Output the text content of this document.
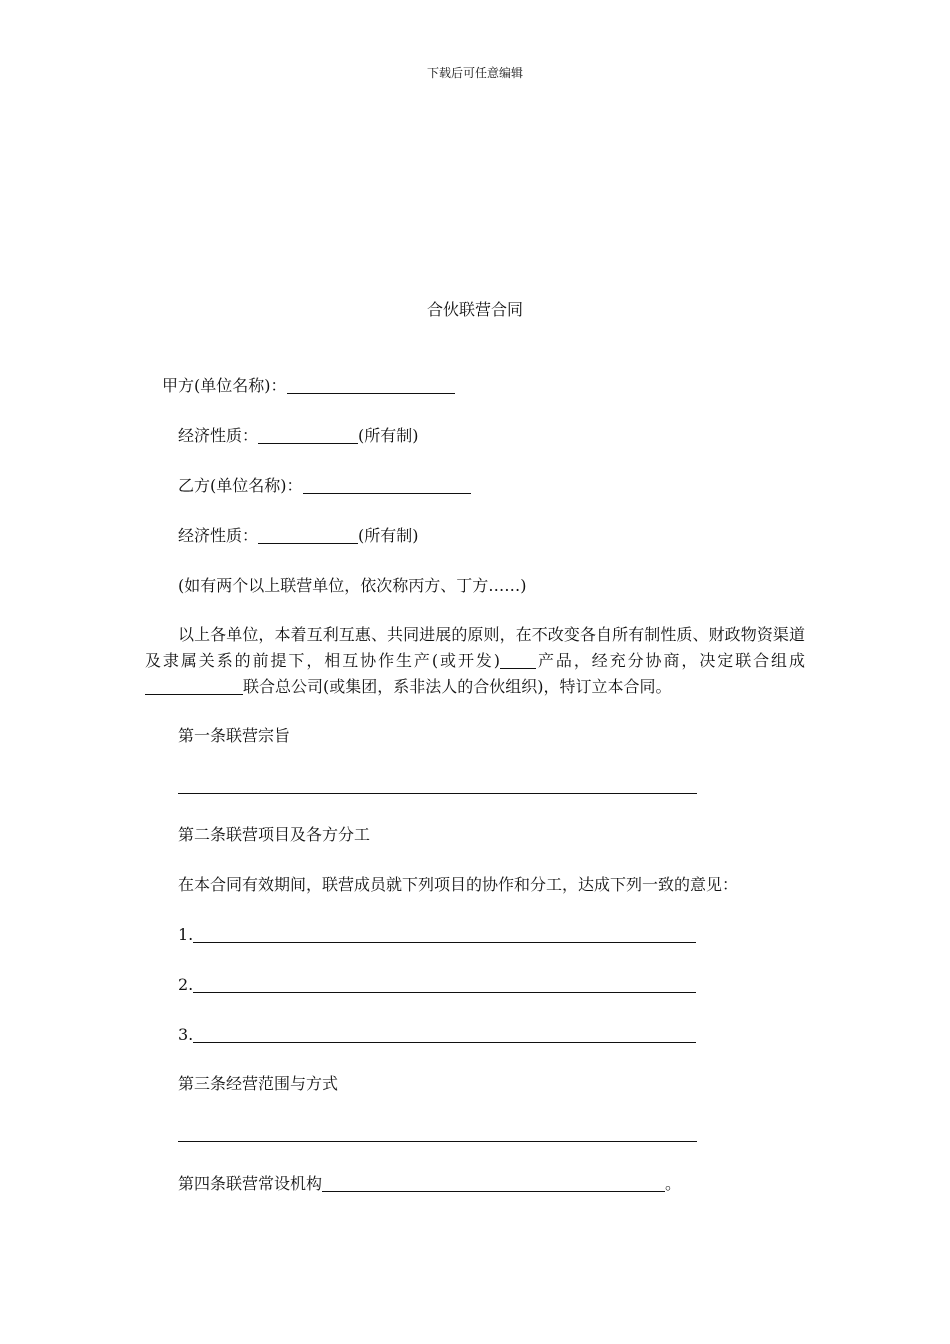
下载后可任意编辑
合伙联营合同
甲方(单位名称)：
经济性质：	(所有制)
乙方(单位名称)：
经济性质：	(所有制)
(如有两个以上联营单位，依次称丙方、丁方……)
以上各单位，本着互利互惠、共同进展的原则，在不改变各自所有制性质、财政物资渠道及隶属关系的前提下，相互协作生产(或开发) 产品，经充分协商，决定联合组成联合总公司(或集团，系非法人的合伙组织)，特订立本合同。
第一条联营宗旨
第二条联营项目及各方分工
在本合同有效期间，联营成员就下列项目的协作和分工，达成下列一致的意见：
1.
2.
3.
第三条经营范围与方式
第四条联营常设机构	。
